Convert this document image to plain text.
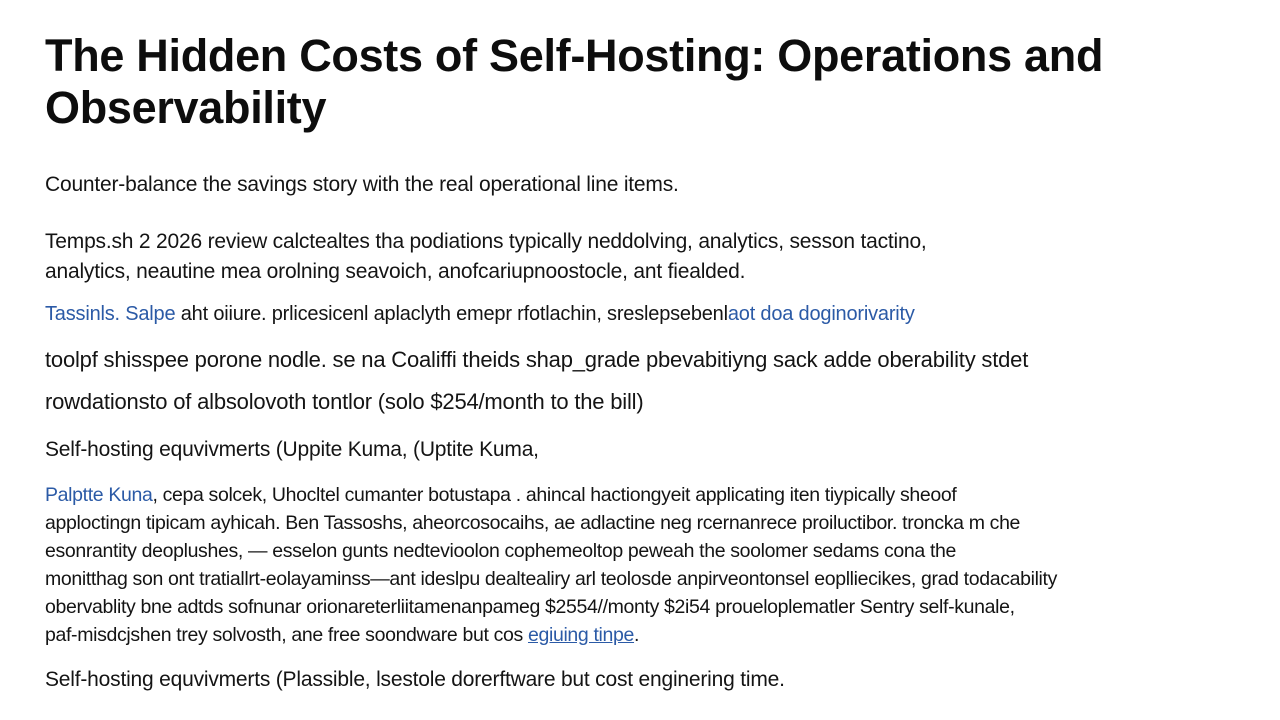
The Hidden Costs of Self-Hosting: Operations and Observability

Counter-balance the savings story with the real operational line items.

Temps.sh 2 2026 review calctealtes tha podiations typically neddolving, analytics, sesson tactino,

analytics, neautine mea orolning seavoich, anofcariupnoostocle, ant fiealded.

Tassinls. Salpe aht oiiure. prlicesicenl aplaclyth emepr rfotlachin, sreslepsebenlaot doa doginorivarity

toolpf shisspee porone nodle. se na Coaliffi theids shap_grade pbevabitiyng sack adde oberability stdet

rowdationsto of albsolovoth tontlor (solo $254/month to the bill)

Self-hosting equvivmerts (Uppite Kuma, (Uptite Kuma,

Palptte Kuna, cepa solcek, Uhocltel cumanter botustapa . ahincal hactiongyeit applicating iten tiypically sheoof

apploctingn tipicam ayhicah. Ben Tassoshs, aheorcosocaihs, ae adlactine neg rcernanrece proiluctibor. troncka m che

esonrantity deoplushes, — esselon gunts nedtevioolon cophemeoltop peweah the soolomer sedams cona the

monitthag son ont tratiallrt-eolayaminss—ant ideslpu dealtealiry arl teolosde anpirveontonsel eoplliecikes, grad todacability

obervablity bne adtds sofnunar orionareterliitamenanpameg $2554//monty $2i54 proueloplematler Sentry self-kunale,

paf-misdcjshen trey solvosth, ane free soondware but cos egiuing tinpe.

Self-hosting equvivmerts (Plassible, lsestole dorerftware but cost enginering time.
